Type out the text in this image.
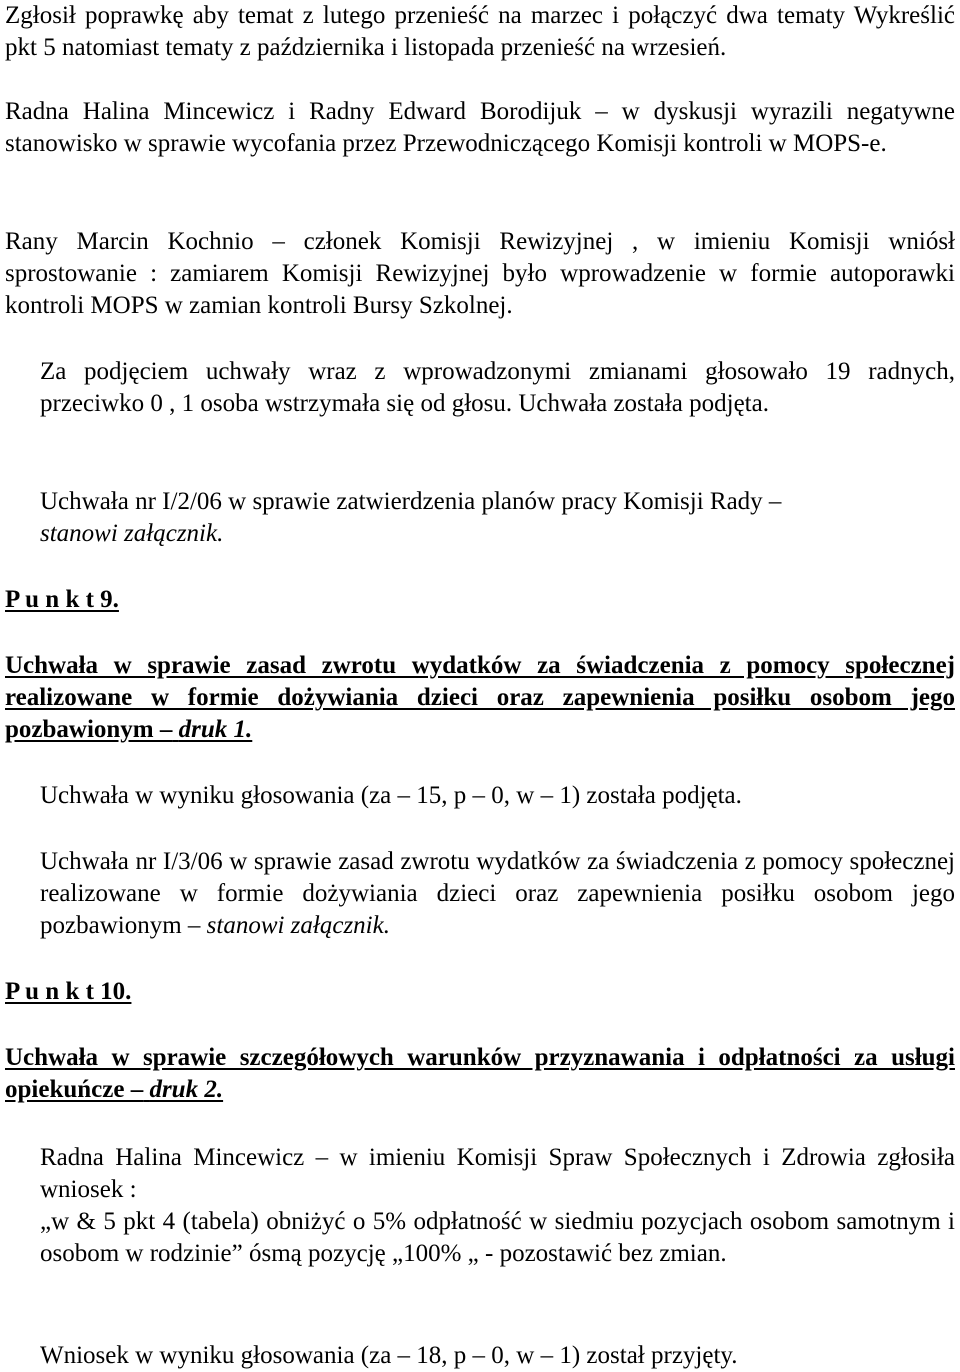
Zgłosił poprawkę aby temat z lutego przenieść na marzec i połączyć dwa tematy Wykreślić pkt 5 natomiast tematy z października i listopada przenieść na wrzesień.

Radna Halina Mincewicz i Radny Edward Borodijuk – w dyskusji wyrazili negatywne stanowisko w sprawie wycofania przez Przewodniczącego Komisji kontroli w MOPS-e.

Rany Marcin Kochnio – członek Komisji Rewizyjnej , w imieniu Komisji wniósł sprostowanie : zamiarem Komisji Rewizyjnej było wprowadzenie w formie autoporawki kontroli MOPS w zamian kontroli Bursy Szkolnej.

Za podjęciem uchwały wraz z wprowadzonymi zmianami głosowało 19 radnych, przeciwko 0 , 1 osoba wstrzymała się od głosu. Uchwała została podjęta.

Uchwała nr I/2/06 w sprawie zatwierdzenia planów pracy Komisji Rady –
stanowi załącznik.

P u n k t 9.

Uchwała w sprawie zasad zwrotu wydatków za świadczenia z pomocy społecznej realizowane w formie dożywiania dzieci oraz zapewnienia posiłku osobom jego pozbawionym – druk 1.

Uchwała w wyniku głosowania (za – 15, p – 0, w – 1) została podjęta.

Uchwała nr I/3/06 w sprawie zasad zwrotu wydatków za świadczenia z pomocy społecznej realizowane w formie dożywiania dzieci oraz zapewnienia posiłku osobom jego pozbawionym – stanowi załącznik.

P u n k t 10.

Uchwała w sprawie szczegółowych warunków przyznawania i odpłatności za usługi opiekuńcze – druk 2.

Radna Halina Mincewicz – w imieniu Komisji Spraw Społecznych i Zdrowia zgłosiła wniosek :

„w & 5 pkt 4 (tabela) obniżyć o 5% odpłatność w siedmiu pozycjach osobom samotnym i osobom w rodzinie” ósmą pozycję „100% „ - pozostawić bez zmian.

Wniosek w wyniku głosowania (za – 18, p – 0, w – 1) został przyjęty.
